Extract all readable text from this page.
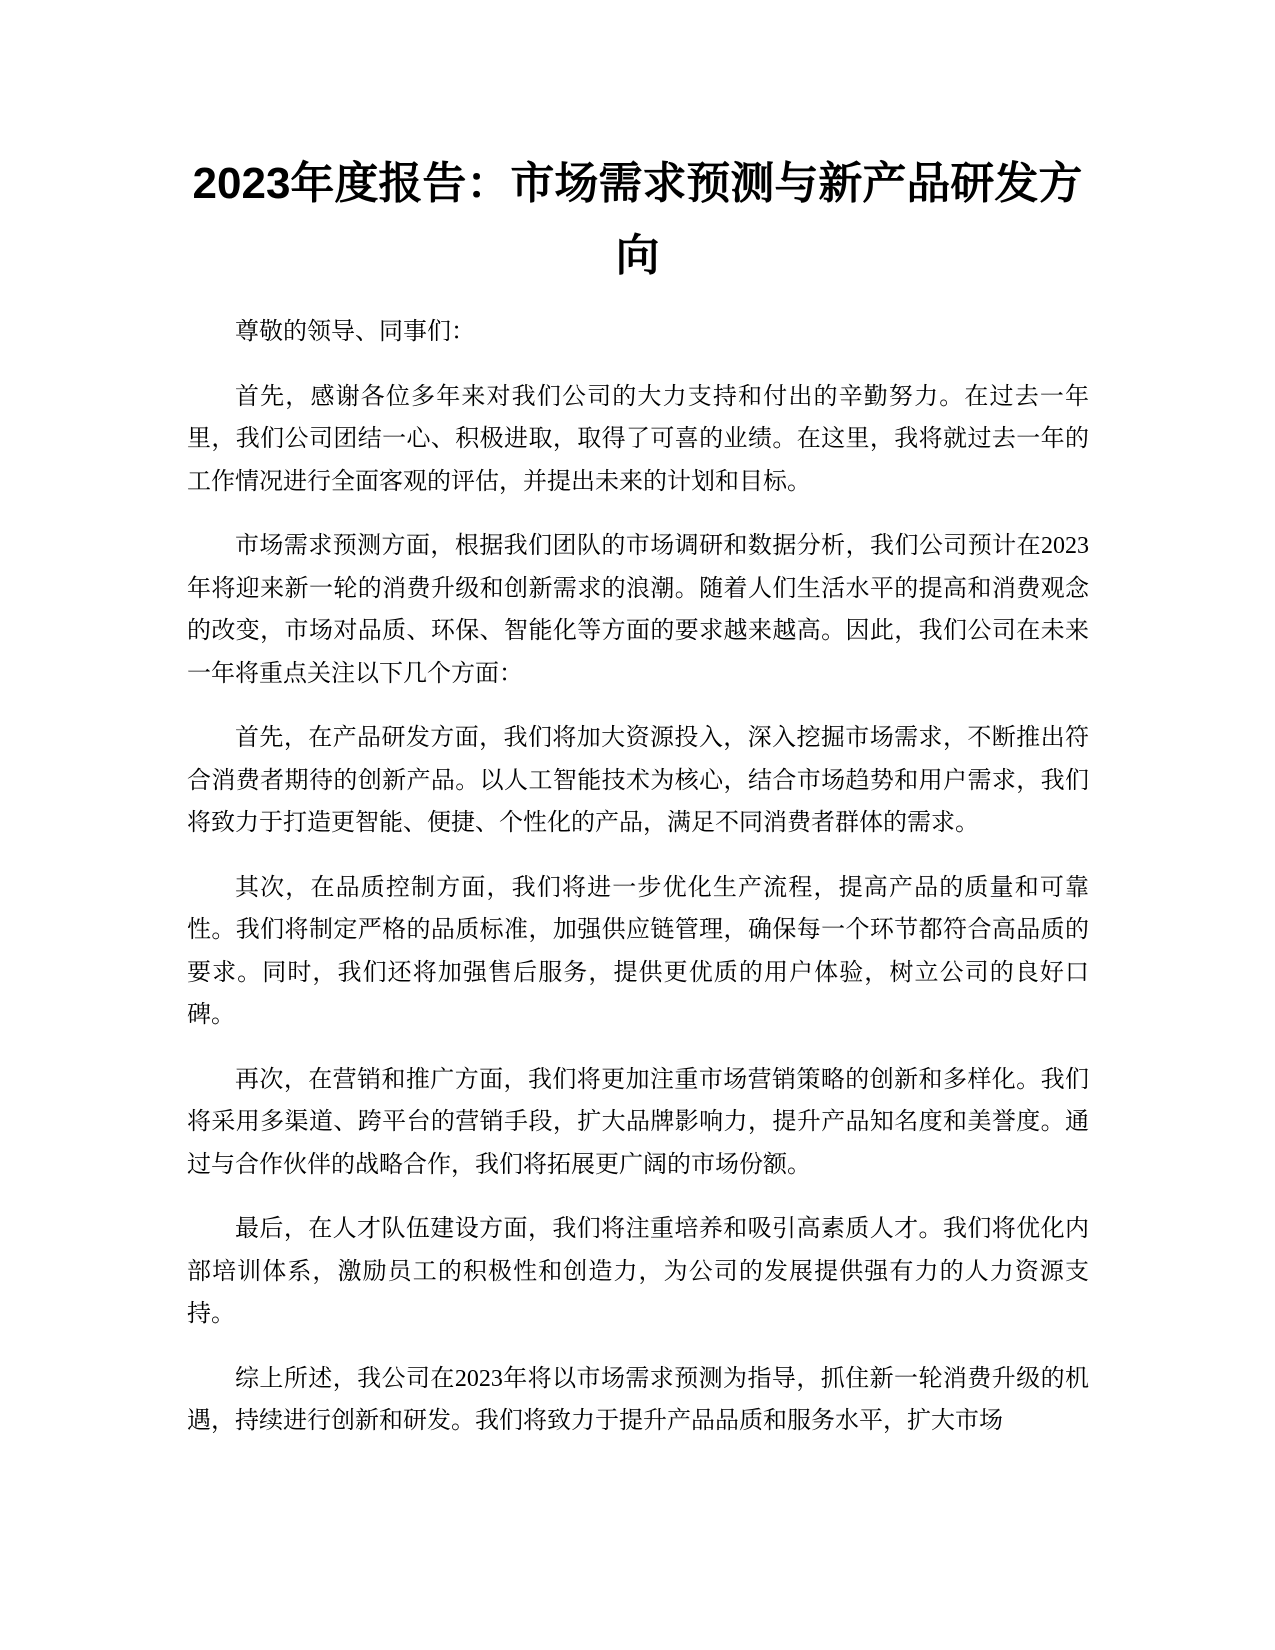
2023年度报告：市场需求预测与新产品研发方向

尊敬的领导、同事们：

首先，感谢各位多年来对我们公司的大力支持和付出的辛勤努力。在过去一年里，我们公司团结一心、积极进取，取得了可喜的业绩。在这里，我将就过去一年的工作情况进行全面客观的评估，并提出未来的计划和目标。

市场需求预测方面，根据我们团队的市场调研和数据分析，我们公司预计在2023年将迎来新一轮的消费升级和创新需求的浪潮。随着人们生活水平的提高和消费观念的改变，市场对品质、环保、智能化等方面的要求越来越高。因此，我们公司在未来一年将重点关注以下几个方面：

首先，在产品研发方面，我们将加大资源投入，深入挖掘市场需求，不断推出符合消费者期待的创新产品。以人工智能技术为核心，结合市场趋势和用户需求，我们将致力于打造更智能、便捷、个性化的产品，满足不同消费者群体的需求。

其次，在品质控制方面，我们将进一步优化生产流程，提高产品的质量和可靠性。我们将制定严格的品质标准，加强供应链管理，确保每一个环节都符合高品质的要求。同时，我们还将加强售后服务，提供更优质的用户体验，树立公司的良好口碑。

再次，在营销和推广方面，我们将更加注重市场营销策略的创新和多样化。我们将采用多渠道、跨平台的营销手段，扩大品牌影响力，提升产品知名度和美誉度。通过与合作伙伴的战略合作，我们将拓展更广阔的市场份额。

最后，在人才队伍建设方面，我们将注重培养和吸引高素质人才。我们将优化内部培训体系，激励员工的积极性和创造力，为公司的发展提供强有力的人力资源支持。

综上所述，我公司在2023年将以市场需求预测为指导，抓住新一轮消费升级的机遇，持续进行创新和研发。我们将致力于提升产品品质和服务水平，扩大市场
